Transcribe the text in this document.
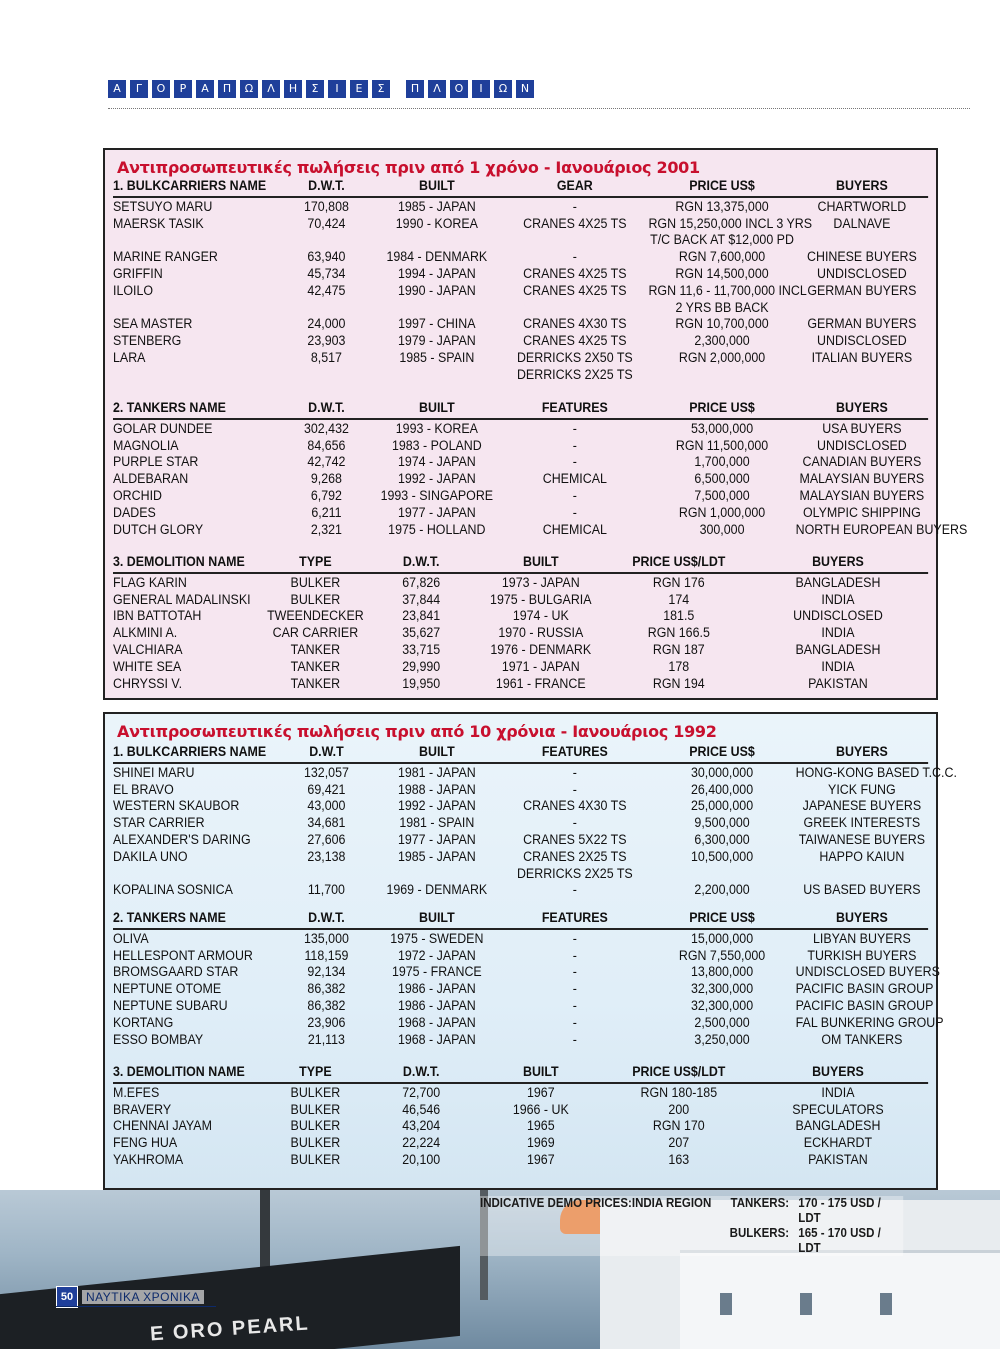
Α	Γ	Ο	Ρ	Α	Π	Ω	Λ	Η	Σ	Ι	Ε	Σ	Π	Λ	Ο	Ι	Ω	Ν
Αντιπροσωπευτικές πωλήσεις πριν από 1 χρόνο - Ιανουάριος 2001
1. BULKCARRIERS NAME	D.W.T.	BUILT	GEAR	PRICE US$	BUYERS
SETSUYO MARU	170,808	1985 - JAPAN	-	RGN 13,375,000	CHARTWORLD
MAERSK TASIK	70,424	1990 - KOREA	CRANES 4X25 TS	RGN 15,250,000 INCL 3 YRS	DALNAVE
T/C BACK AT $12,000 PD
MARINE RANGER	63,940	1984 - DENMARK	-	RGN 7,600,000	CHINESE BUYERS
GRIFFIN	45,734	1994 - JAPAN	CRANES 4X25 TS	RGN 14,500,000	UNDISCLOSED
ILOILO	42,475	1990 - JAPAN	CRANES 4X25 TS	RGN 11,6 - 11,700,000 INCL GERMAN BUYERS
2 YRS BB BACK
SEA MASTER	24,000	1997 - CHINA	CRANES 4X30 TS	RGN 10,700,000	GERMAN BUYERS
STENBERG	23,903	1979 - JAPAN	CRANES 4X25 TS	2,300,000	UNDISCLOSED
LARA	8,517	1985 - SPAIN	DERRICKS 2X50 TS	RGN 2,000,000	ITALIAN BUYERS
DERRICKS 2X25 TS
2. TANKERS NAME	D.W.T.	BUILT	FEATURES	PRICE US$	BUYERS
GOLAR DUNDEE	302,432	1993 - KOREA	-	53,000,000	USA BUYERS
MAGNOLIA	84,656	1983 - POLAND	-	RGN 11,500,000	UNDISCLOSED
PURPLE STAR	42,742	1974 - JAPAN	-	1,700,000	CANADIAN BUYERS
ALDEBARAN	9,268	1992 - JAPAN	CHEMICAL	6,500,000	MALAYSIAN BUYERS
ORCHID	6,792	1993 - SINGAPORE	-	7,500,000	MALAYSIAN BUYERS
DADES	6,211	1977 - JAPAN	-	RGN 1,000,000	OLYMPIC SHIPPING
DUTCH GLORY	2,321	1975 - HOLLAND	CHEMICAL	300,000	NORTH EUROPEAN BUYERS
3. DEMOLITION NAME	TYPE	D.W.T.	BUILT	PRICE US$/LDT	BUYERS
FLAG KARIN	BULKER	67,826	1973 - JAPAN	RGN 176	BANGLADESH
GENERAL MADALINSKI	BULKER	37,844	1975 - BULGARIA	174	INDIA
IBN BATTOTAH	TWEENDECKER	23,841	1974 - UK	181.5	UNDISCLOSED
ALKMINI A.	CAR CARRIER	35,627	1970 - RUSSIA	RGN 166.5	INDIA
VALCHIARA	TANKER	33,715	1976 - DENMARK	RGN 187	BANGLADESH
WHITE SEA	TANKER	29,990	1971 - JAPAN	178	INDIA
CHRYSSI V.	TANKER	19,950	1961 - FRANCE	RGN 194	PAKISTAN
Αντιπροσωπευτικές πωλήσεις πριν από 10 χρόνια - Ιανουάριος 1992
1. BULKCARRIERS NAME	D.W.T	BUILT	FEATURES	PRICE US$	BUYERS
SHINEI MARU	132,057	1981 - JAPAN	-	30,000,000	HONG-KONG BASED T.C.C.
EL BRAVO	69,421	1988 - JAPAN	-	26,400,000	YICK FUNG
WESTERN SKAUBOR	43,000	1992 - JAPAN	CRANES 4X30 TS	25,000,000	JAPANESE BUYERS
STAR CARRIER	34,681	1981 - SPAIN	-	9,500,000	GREEK INTERESTS
ALEXANDER'S DARING	27,606	1977 - JAPAN	CRANES 5X22 TS	6,300,000	TAIWANESE BUYERS
DAKILA UNO	23,138	1985 - JAPAN	CRANES 2X25 TS	10,500,000	HAPPO KAIUN
DERRICKS 2X25 TS
KOPALINA SOSNICA	11,700	1969 - DENMARK	-	2,200,000	US BASED BUYERS
2. TANKERS NAME	D.W.T.	BUILT	FEATURES	PRICE US$	BUYERS
OLIVA	135,000	1975 - SWEDEN	-	15,000,000	LIBYAN BUYERS
HELLESPONT ARMOUR	118,159	1972 - JAPAN	-	RGN 7,550,000	TURKISH BUYERS
BROMSGAARD STAR	92,134	1975 - FRANCE	-	13,800,000	UNDISCLOSED BUYERS
NEPTUNE OTOME	86,382	1986 - JAPAN	-	32,300,000	PACIFIC BASIN GROUP
NEPTUNE SUBARU	86,382	1986 - JAPAN	-	32,300,000	PACIFIC BASIN GROUP
KORTANG	23,906	1968 - JAPAN	-	2,500,000	FAL BUNKERING GROUP
ESSO BOMBAY	21,113	1968 - JAPAN	-	3,250,000	OM TANKERS
3. DEMOLITION NAME	TYPE	D.W.T.	BUILT	PRICE US$/LDT	BUYERS
M.EFES	BULKER	72,700	1967	RGN 180-185	INDIA
BRAVERY	BULKER	46,546	1966 - UK	200	SPECULATORS
CHENNAI JAYAM	BULKER	43,204	1965	RGN 170	BANGLADESH
FENG HUA	BULKER	22,224	1969	207	ECKHARDT
YAKHROMA	BULKER	20,100	1967	163	PAKISTAN
E ORO PEARL
INDICATIVE DEMO PRICES: INDIA REGION	TANKERS: 170 - 175 USD / LDT
BULKERS: 165 - 170 USD / LDT
50	ΝΑΥΤΙΚΑ ΧΡΟΝΙΚΑ
